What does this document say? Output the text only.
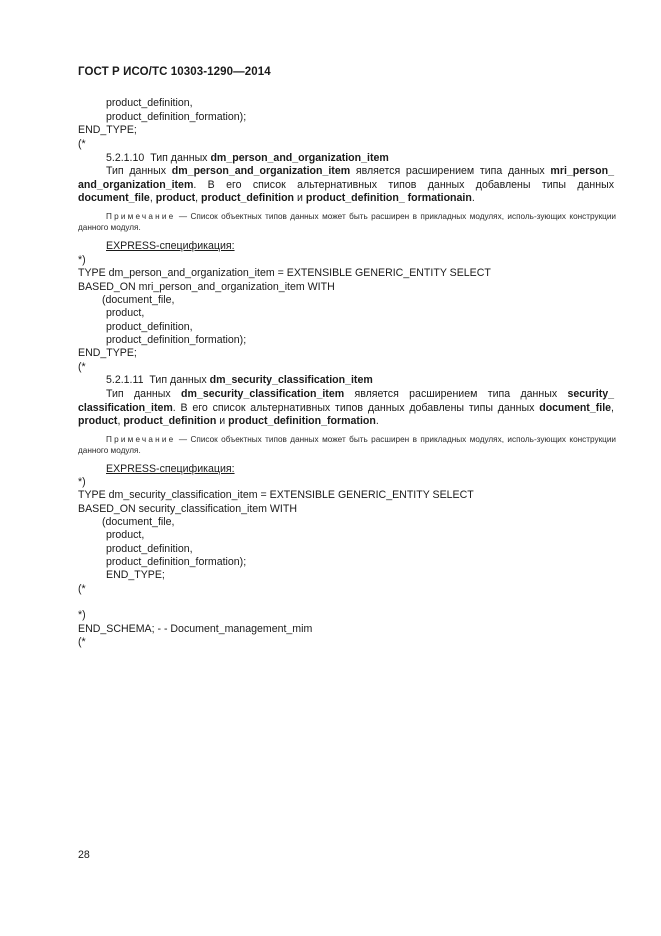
ГОСТ Р ИСО/ТС 10303-1290—2014
product_definition,
product_definition_formation);
END_TYPE;
(*
5.2.1.10 Тип данных dm_person_and_organization_item
Тип данных dm_person_and_organization_item является расширением типа данных mri_person_ and_organization_item. В его список альтернативных типов данных добавлены типы данных document_file, product, product_definition и product_definition_ formationain.
Примечание — Список объектных типов данных может быть расширен в прикладных модулях, исполь-зующих конструкции данного модуля.
EXPRESS-спецификация:
*)
TYPE dm_person_and_organization_item = EXTENSIBLE GENERIC_ENTITY SELECT
BASED_ON mri_person_and_organization_item WITH
(document_file,
product,
product_definition,
product_definition_formation);
END_TYPE;
(*
5.2.1.11 Тип данных dm_security_classification_item
Тип данных dm_security_classification_item является расширением типа данных security_ classification_item. В его список альтернативных типов данных добавлены типы данных document_file, product, product_definition и product_definition_formation.
Примечание — Список объектных типов данных может быть расширен в прикладных модулях, исполь-зующих конструкции данного модуля.
EXPRESS-спецификация:
*)
TYPE dm_security_classification_item = EXTENSIBLE GENERIC_ENTITY SELECT
BASED_ON security_classification_item WITH
(document_file,
product,
product_definition,
product_definition_formation);
END_TYPE;
(*
*)
END_SCHEMA; - - Document_management_mim
(*
28
